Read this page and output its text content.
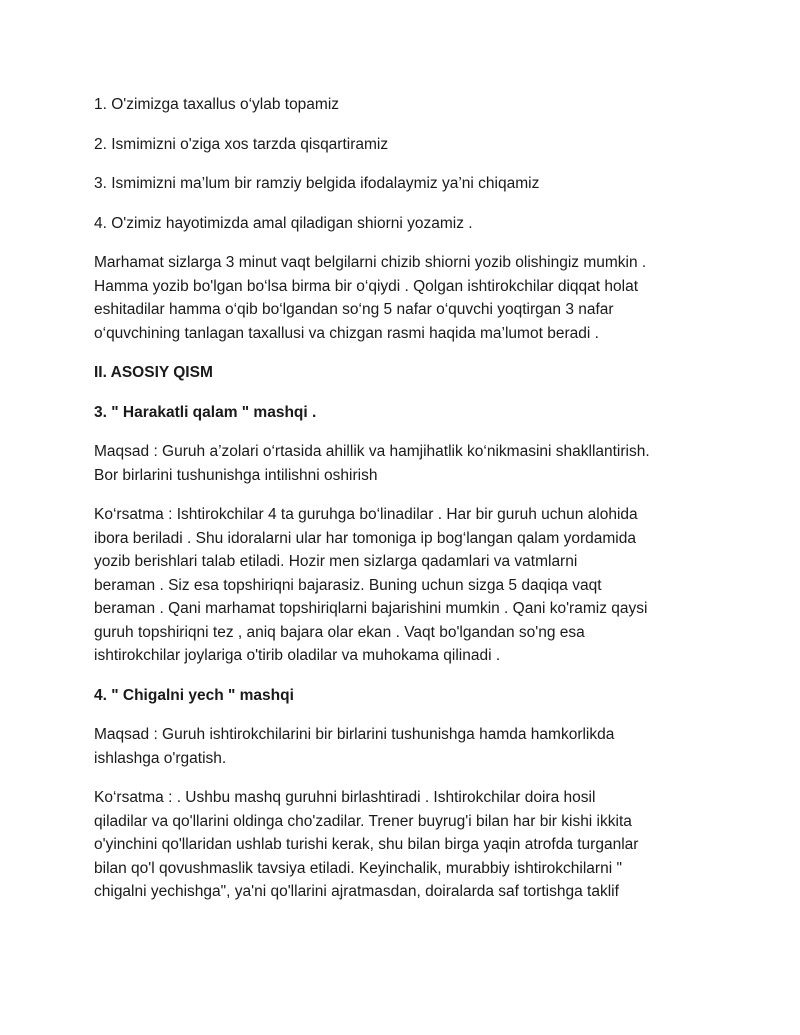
1. O'zimizga taxallus o‘ylab topamiz

2. Ismimizni o'ziga xos tarzda qisqartiramiz

3. Ismimizni ma’lum bir ramziy belgida ifodalaymiz ya’ni chiqamiz

4. O'zimiz hayotimizda amal qiladigan shiorni yozamiz .

Marhamat sizlarga 3 minut vaqt belgilarni chizib shiorni yozib olishingiz mumkin .
Hamma yozib bo'lgan bo‘lsa birma bir o‘qiydi . Qolgan ishtirokchilar diqqat holat
eshitadilar hamma o‘qib bo‘lgandan so‘ng 5 nafar o‘quvchi yoqtirgan 3 nafar
o‘quvchining tanlagan taxallusi va chizgan rasmi haqida ma’lumot beradi .
II. ASOSIY QISM
3. " Harakatli qalam " mashqi .
Maqsad : Guruh a’zolari o‘rtasida ahillik va hamjihatlik ko‘nikmasini shakllantirish.
Bor birlarini tushunishga intilishni oshirish
Ko‘rsatma : Ishtirokchilar 4 ta guruhga bo‘linadilar . Har bir guruh uchun alohida
ibora beriladi . Shu idoralarni ular har tomoniga ip bog‘langan qalam yordamida
yozib berishlari talab etiladi. Hozir men sizlarga qadamlari va vatmlarni
beraman . Siz esa topshiriqni bajarasiz. Buning uchun sizga 5 daqiqa vaqt
beraman . Qani marhamat topshiriqlarni bajarishini mumkin . Qani ko'ramiz qaysi
guruh topshiriqni tez , aniq bajara olar ekan . Vaqt bo'lgandan so'ng esa
ishtirokchilar joylariga o'tirib oladilar va muhokama qilinadi .
4. " Chigalni yech " mashqi
Maqsad : Guruh ishtirokchilarini bir birlarini tushunishga hamda hamkorlikda
ishlashga o'rgatish.
Ko‘rsatma : . Ushbu mashq guruhni birlashtiradi . Ishtirokchilar doira hosil
qiladilar va qo'llarini oldinga cho'zadilar. Trener buyrug'i bilan har bir kishi ikkita
o'yinchini qo'llaridan ushlab turishi kerak, shu bilan birga yaqin atrofda turganlar
bilan qo'l qovushmaslik tavsiya etiladi. Keyinchalik, murabbiy ishtirokchilarni "
chigalni yechishga", ya'ni qo'llarini ajratmasdan, doiralarda saf tortishga taklif
